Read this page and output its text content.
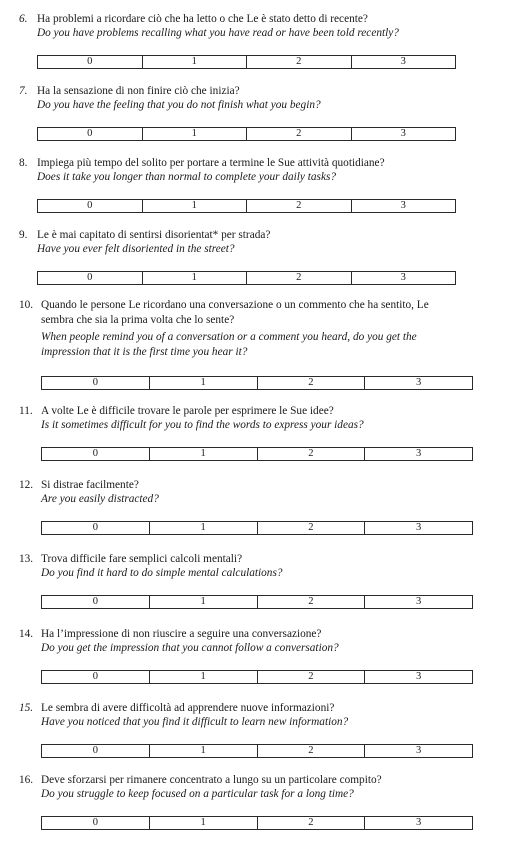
6. Ha problemi a ricordare ciò che ha letto o che Le è stato detto di recente?
Do you have problems recalling what you have read or have been told recently?
0	1	2	3
7. Ha la sensazione di non finire ciò che inizia?
Do you have the feeling that you do not finish what you begin?
0	1	2	3
8. Impiega più tempo del solito per portare a termine le Sue attività quotidiane?
Does it take you longer than normal to complete your daily tasks?
0	1	2	3
9. Le è mai capitato di sentirsi disorientat* per strada?
Have you ever felt disoriented in the street?
0	1	2	3
10. Quando le persone Le ricordano una conversazione o un commento che ha sentito, Le
sembra che sia la prima volta che lo sente?
When people remind you of a conversation or a comment you heard, do you get the
impression that it is the first time you hear it?
0	1	2	3
11. A volte Le è difficile trovare le parole per esprimere le Sue idee?
Is it sometimes difficult for you to find the words to express your ideas?
0	1	2	3
12. Si distrae facilmente?
Are you easily distracted?
0	1	2	3
13. Trova difficile fare semplici calcoli mentali?
Do you find it hard to do simple mental calculations?
0	1	2	3
14. Ha l’impressione di non riuscire a seguire una conversazione?
Do you get the impression that you cannot follow a conversation?
0	1	2	3
15. Le sembra di avere difficoltà ad apprendere nuove informazioni?
Have you noticed that you find it difficult to learn new information?
0	1	2	3
16. Deve sforzarsi per rimanere concentrato a lungo su un particolare compito?
Do you struggle to keep focused on a particular task for a long time?
0	1	2	3
